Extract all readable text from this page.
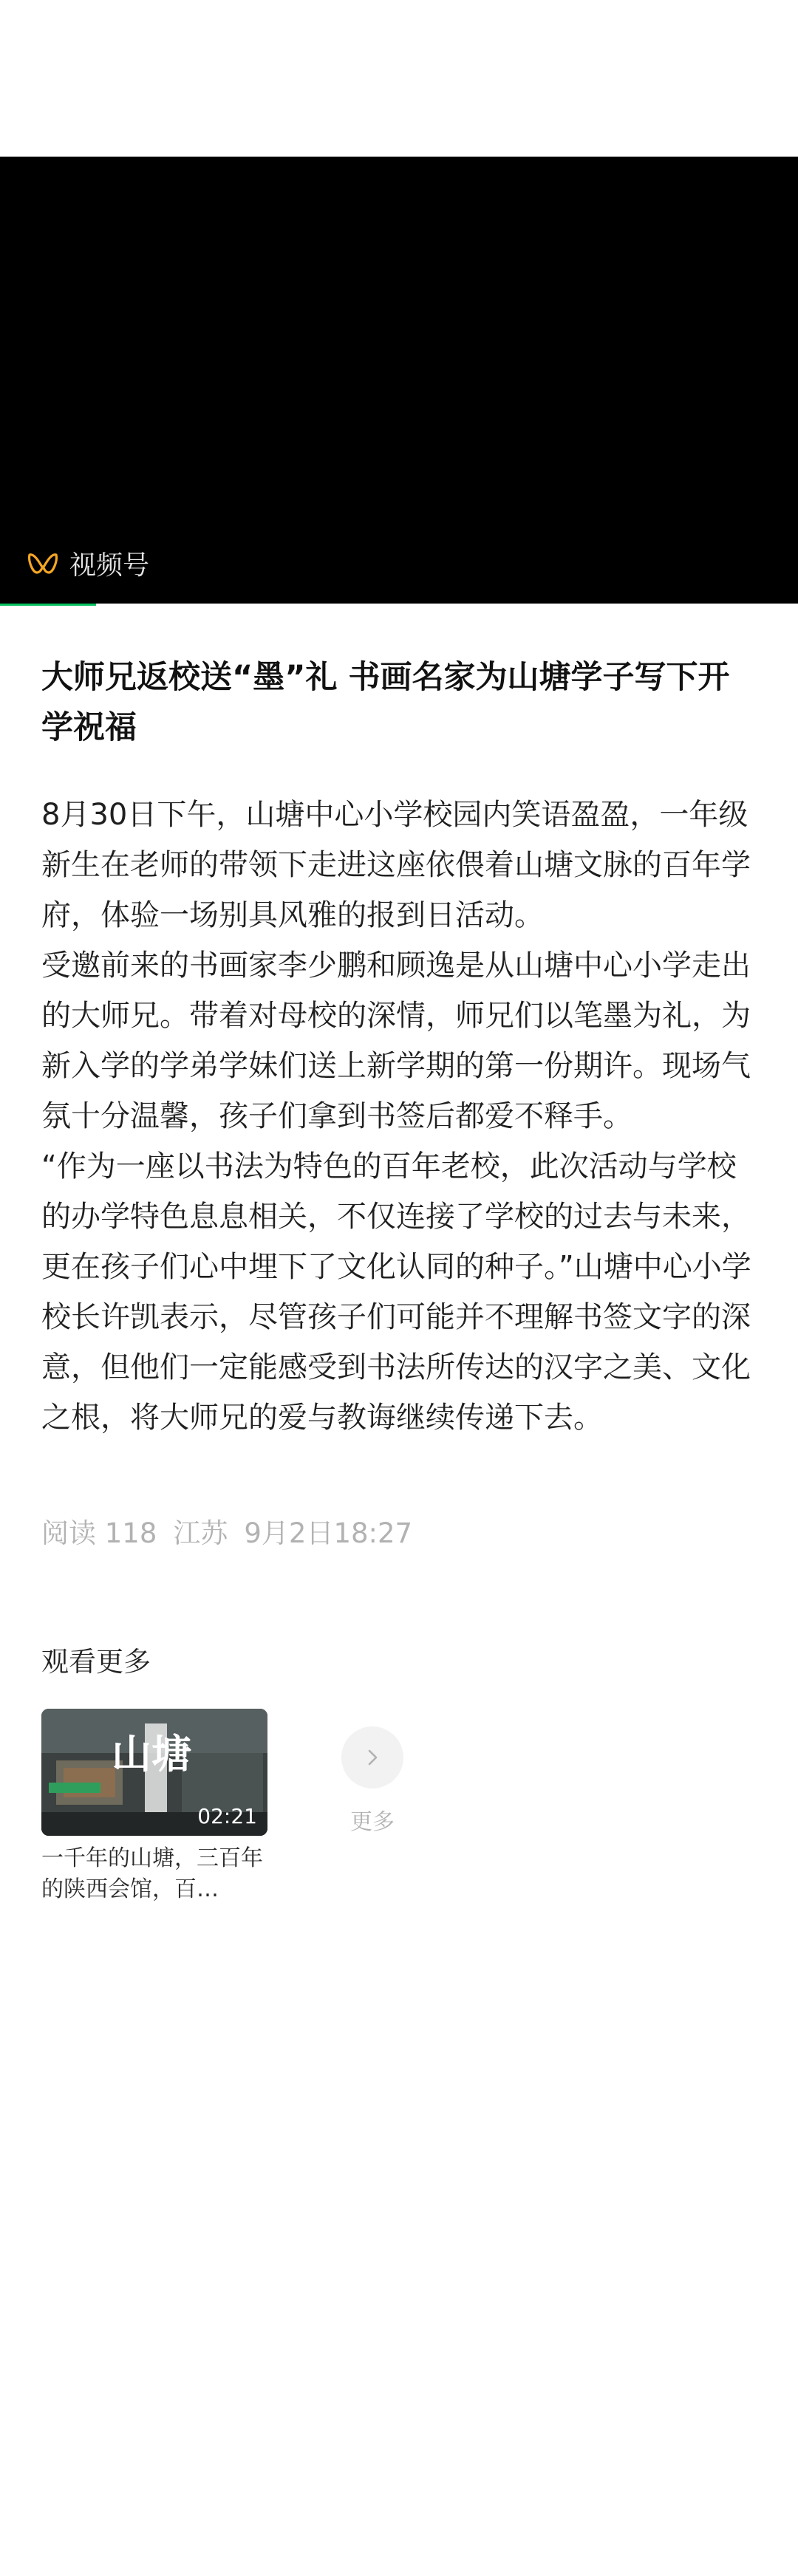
视频号
大师兄返校送“墨”礼 书画名家为山塘学子写下开学祝福

8月30日下午，山塘中心小学校园内笑语盈盈，一年级新生在老师的带领下走进这座依偎着山塘文脉的百年学府，体验一场别具风雅的报到日活动。

受邀前来的书画家李少鹏和顾逸是从山塘中心小学走出的大师兄。带着对母校的深情，师兄们以笔墨为礼，为新入学的学弟学妹们送上新学期的第一份期许。现场气氛十分温馨，孩子们拿到书签后都爱不释手。

“作为一座以书法为特色的百年老校，此次活动与学校的办学特色息息相关，不仅连接了学校的过去与未来，更在孩子们心中埋下了文化认同的种子。”山塘中心小学校长许凯表示，尽管孩子们可能并不理解书签文字的深意，但他们一定能感受到书法所传达的汉字之美、文化之根，将大师兄的爱与教诲继续传递下去。

阅读 118 江苏 9月2日18:27
观看更多
山塘
02:21
一千年的山塘，三百年的陕西会馆，百…
更多
